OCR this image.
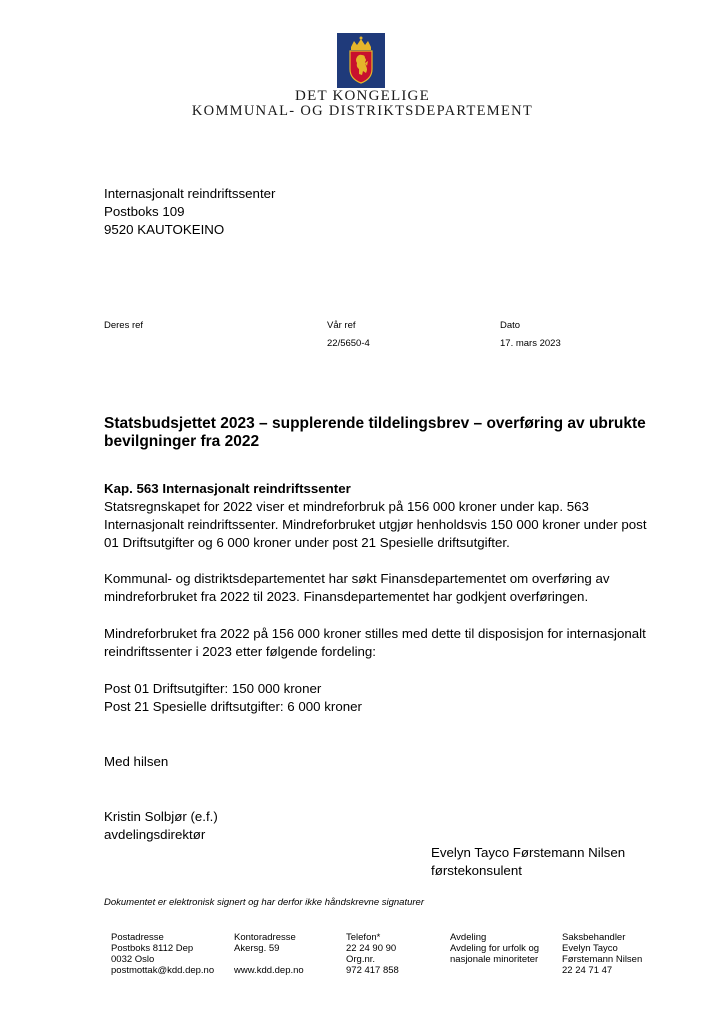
DET KONGELIGE
KOMMUNAL- OG DISTRIKTSDEPARTEMENT
Internasjonalt reindriftssenter
Postboks 109
9520 KAUTOKEINO
Deres ref	Vår ref
22/5650-4
Dato
17. mars 2023
Statsbudsjettet 2023 – supplerende tildelingsbrev – overføring av ubrukte bevilgninger fra 2022
Kap. 563 Internasjonalt reindriftssenter
Statsregnskapet for 2022 viser et mindreforbruk på 156 000 kroner under kap. 563 Internasjonalt reindriftssenter. Mindreforbruket utgjør henholdsvis 150 000 kroner under post 01 Driftsutgifter og 6 000 kroner under post 21 Spesielle driftsutgifter.
Kommunal- og distriktsdepartementet har søkt Finansdepartementet om overføring av mindreforbruket fra 2022 til 2023. Finansdepartementet har godkjent overføringen.
Mindreforbruket fra 2022 på 156 000 kroner stilles med dette til disposisjon for internasjonalt reindriftssenter i 2023 etter følgende fordeling:
Post 01 Driftsutgifter: 150 000 kroner
Post 21 Spesielle driftsutgifter: 6 000 kroner
Med hilsen
Kristin Solbjør (e.f.)
avdelingsdirektør
Evelyn Tayco Førstemann Nilsen
førstekonsulent
Dokumentet er elektronisk signert og har derfor ikke håndskrevne signaturer
Postadresse
Postboks 8112 Dep
0032 Oslo
postmottak@kdd.dep.no
Kontoradresse
Akersg. 59

www.kdd.dep.no
Telefon*
22 24 90 90
Org.nr.
972 417 858
Avdeling
Avdeling for urfolk og
nasjonale minoriteter
Saksbehandler
Evelyn Tayco
Førstemann Nilsen
22 24 71 47
